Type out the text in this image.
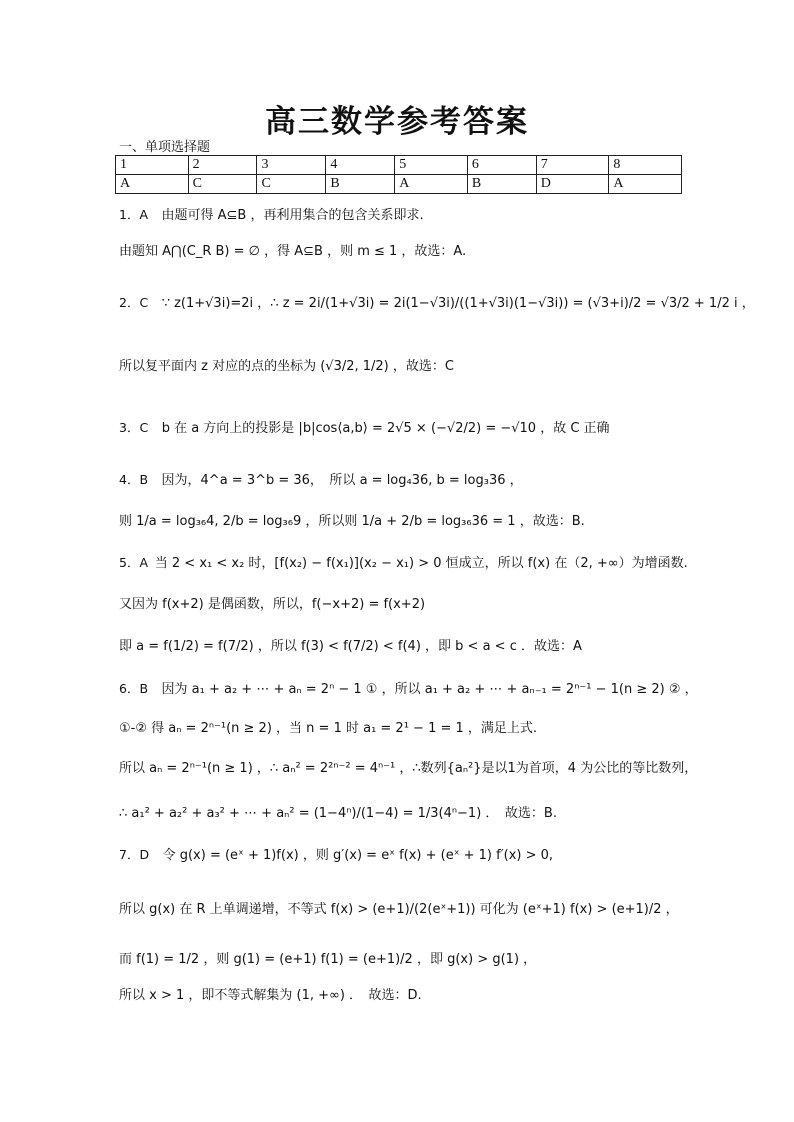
高三数学参考答案
一、单项选择题
1	2	3	4	5	6	7	8
A	C	C	B	A	B	D	A
1．A 由题可得 A⊆B ，再利用集合的包含关系即求.
由题知 A⋂(C_R B) = ∅ ，得 A⊆B ，则 m ≤ 1 ，故选：A.
2．C ∵ z(1+√3i)=2i ，∴ z = 2i/(1+√3i) = 2i(1−√3i)/((1+√3i)(1−√3i)) = (√3+i)/2 = √3/2 + 1/2 i ，
所以复平面内 z 对应的点的坐标为 (√3/2, 1/2) ，故选：C
3．C b 在 a 方向上的投影是 |b|cos⟨a,b⟩ = 2√5 × (−√2/2) = −√10 ，故 C 正确
4．B 因为，4^a = 3^b = 36，　所以 a = log₄36, b = log₃36 ，
则 1/a = log₃₆4, 2/b = log₃₆9 ，所以则 1/a + 2/b = log₃₆36 = 1 ，故选：B.
5．A 当 2 < x₁ < x₂ 时，[f(x₂) − f(x₁)](x₂ − x₁) > 0 恒成立，所以 f(x) 在（2, +∞）为增函数.
又因为 f(x+2) 是偶函数，所以，f(−x+2) = f(x+2)
即 a = f(1/2) = f(7/2) ，所以 f(3) < f(7/2) < f(4) ，即 b < a < c ．故选：A
6．B 因为 a₁ + a₂ + ⋯ + aₙ = 2ⁿ − 1 ① ，所以 a₁ + a₂ + ⋯ + aₙ₋₁ = 2ⁿ⁻¹ − 1(n ≥ 2) ② ，
①-② 得 aₙ = 2ⁿ⁻¹(n ≥ 2) ，当 n = 1 时 a₁ = 2¹ − 1 = 1 ，满足上式.
所以 aₙ = 2ⁿ⁻¹(n ≥ 1) ，∴ aₙ² = 2²ⁿ⁻² = 4ⁿ⁻¹ ，∴数列{aₙ²}是以1为首项，4 为公比的等比数列，
∴ a₁² + a₂² + a₃² + ⋯ + aₙ² = (1−4ⁿ)/(1−4) = 1/3(4ⁿ−1) ．　故选：B.
7．D 令 g(x) = (eˣ + 1)f(x) ，则 g′(x) = eˣ f(x) + (eˣ + 1) f′(x) > 0,
所以 g(x) 在 R 上单调递增，不等式 f(x) > (e+1)/(2(eˣ+1)) 可化为 (eˣ+1) f(x) > (e+1)/2 ，
而 f(1) = 1/2 ，则 g(1) = (e+1) f(1) = (e+1)/2 ，即 g(x) > g(1) ，
所以 x > 1 ，即不等式解集为 (1, +∞) ．　故选：D.
